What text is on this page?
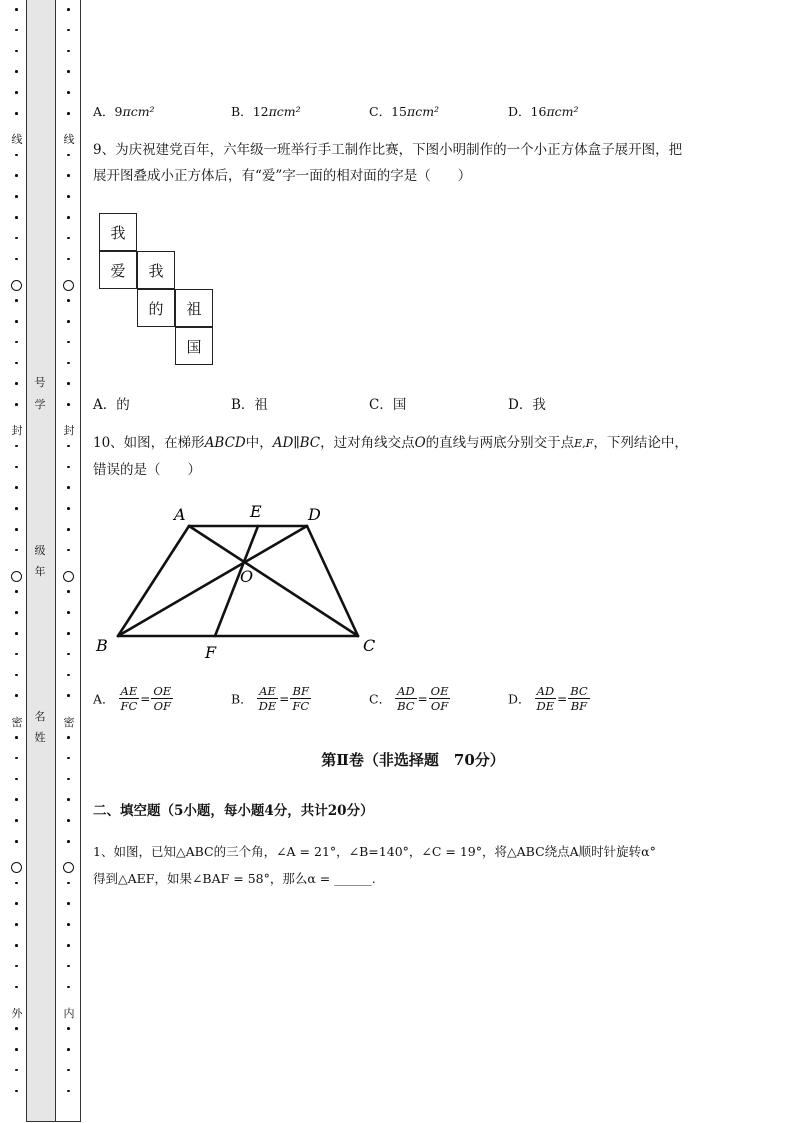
线
封
密
外
线
封
密
内
号
学
级
年
名
姓
A．9πcm²	B．12πcm²	C．15πcm²	D．16πcm²
9、为庆祝建党百年，六年级一班举行手工制作比赛，下图小明制作的一个小正方体盒子展开图，把
展开图叠成小正方体后，有“爱”字一面的相对面的字是（　　）
我
爱	我
的	祖
国
A．的	B．祖	C．国	D．我
10、如图，在梯形ABCD中，AD∥BC，过对角线交点O的直线与两底分别交于点E,F，下列结论中，
错误的是（　　）
A	E	D
O
B	F	C
A． $\frac{AE}{FC} = \frac{OE}{OF}$	B． $\frac{AE}{DE} = \frac{BF}{FC}$	C． $\frac{AD}{BC} = \frac{OE}{OF}$	D． $\frac{AD}{DE} = \frac{BC}{BF}$
第Ⅱ卷（非选择题　70分）
二、填空题（5小题，每小题4分，共计20分）
1、如图，已知△ABC的三个角，∠A = 21°，∠B=140°，∠C = 19°，将△ABC绕点A顺时针旋转α°
得到△AEF，如果∠BAF = 58°，那么α = ______.
